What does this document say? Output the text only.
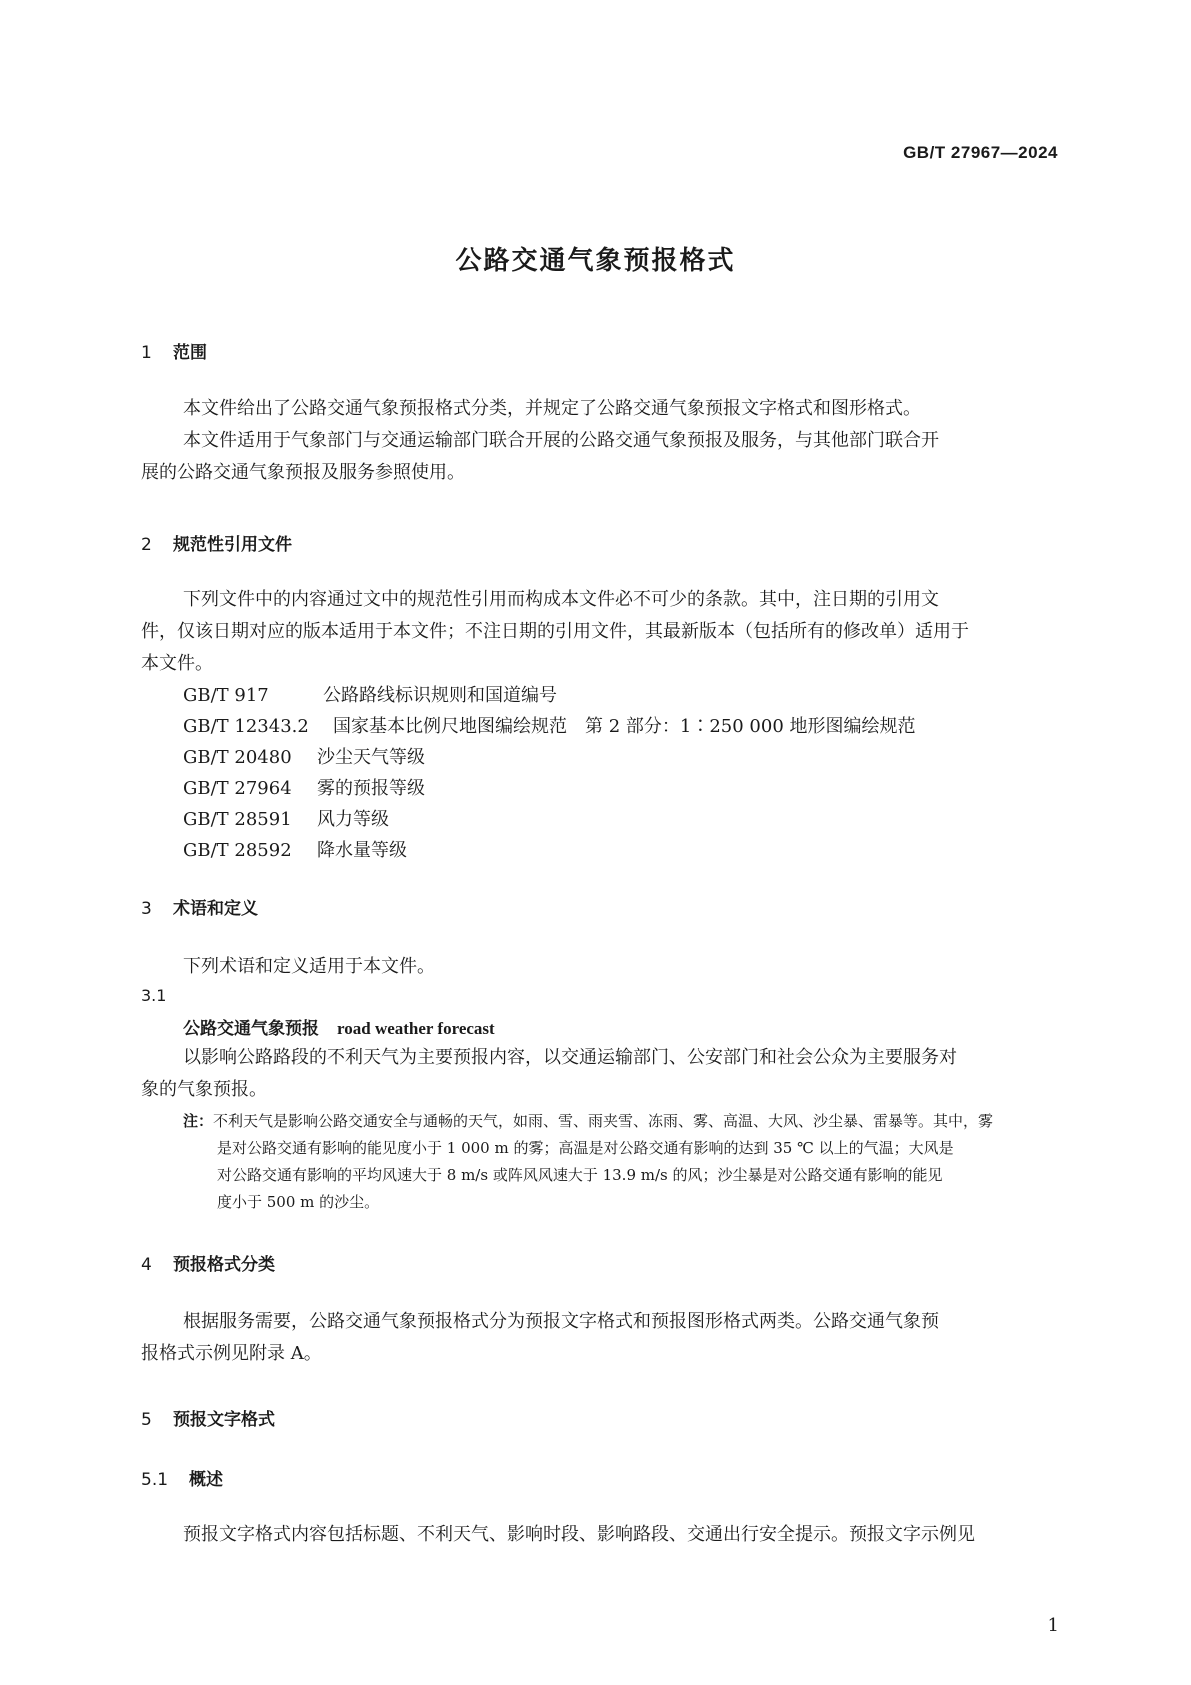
GB/T 27967—2024
公路交通气象预报格式
1 范围
本文件给出了公路交通气象预报格式分类，并规定了公路交通气象预报文字格式和图形格式。
本文件适用于气象部门与交通运输部门联合开展的公路交通气象预报及服务，与其他部门联合开
展的公路交通气象预报及服务参照使用。
2 规范性引用文件
下列文件中的内容通过文中的规范性引用而构成本文件必不可少的条款。其中，注日期的引用文
件，仅该日期对应的版本适用于本文件；不注日期的引用文件，其最新版本（包括所有的修改单）适用于
本文件。
GB/T 917	公路路线标识规则和国道编号
GB/T 12343.2 国家基本比例尺地图编绘规范　第 2 部分：1∶250 000 地形图编绘规范
GB/T 20480 沙尘天气等级
GB/T 27964 雾的预报等级
GB/T 28591 风力等级
GB/T 28592 降水量等级
3 术语和定义
下列术语和定义适用于本文件。
3.1
公路交通气象预报 road weather forecast
以影响公路路段的不利天气为主要预报内容，以交通运输部门、公安部门和社会公众为主要服务对
象的气象预报。
注：不利天气是影响公路交通安全与通畅的天气，如雨、雪、雨夹雪、冻雨、雾、高温、大风、沙尘暴、雷暴等。其中，雾
是对公路交通有影响的能见度小于 1 000 m 的雾；高温是对公路交通有影响的达到 35 ℃ 以上的气温；大风是
对公路交通有影响的平均风速大于 8 m/s 或阵风风速大于 13.9 m/s 的风；沙尘暴是对公路交通有影响的能见
度小于 500 m 的沙尘。
4 预报格式分类
根据服务需要，公路交通气象预报格式分为预报文字格式和预报图形格式两类。公路交通气象预
报格式示例见附录 A。
5 预报文字格式
5.1 概述
预报文字格式内容包括标题、不利天气、影响时段、影响路段、交通出行安全提示。预报文字示例见
1
